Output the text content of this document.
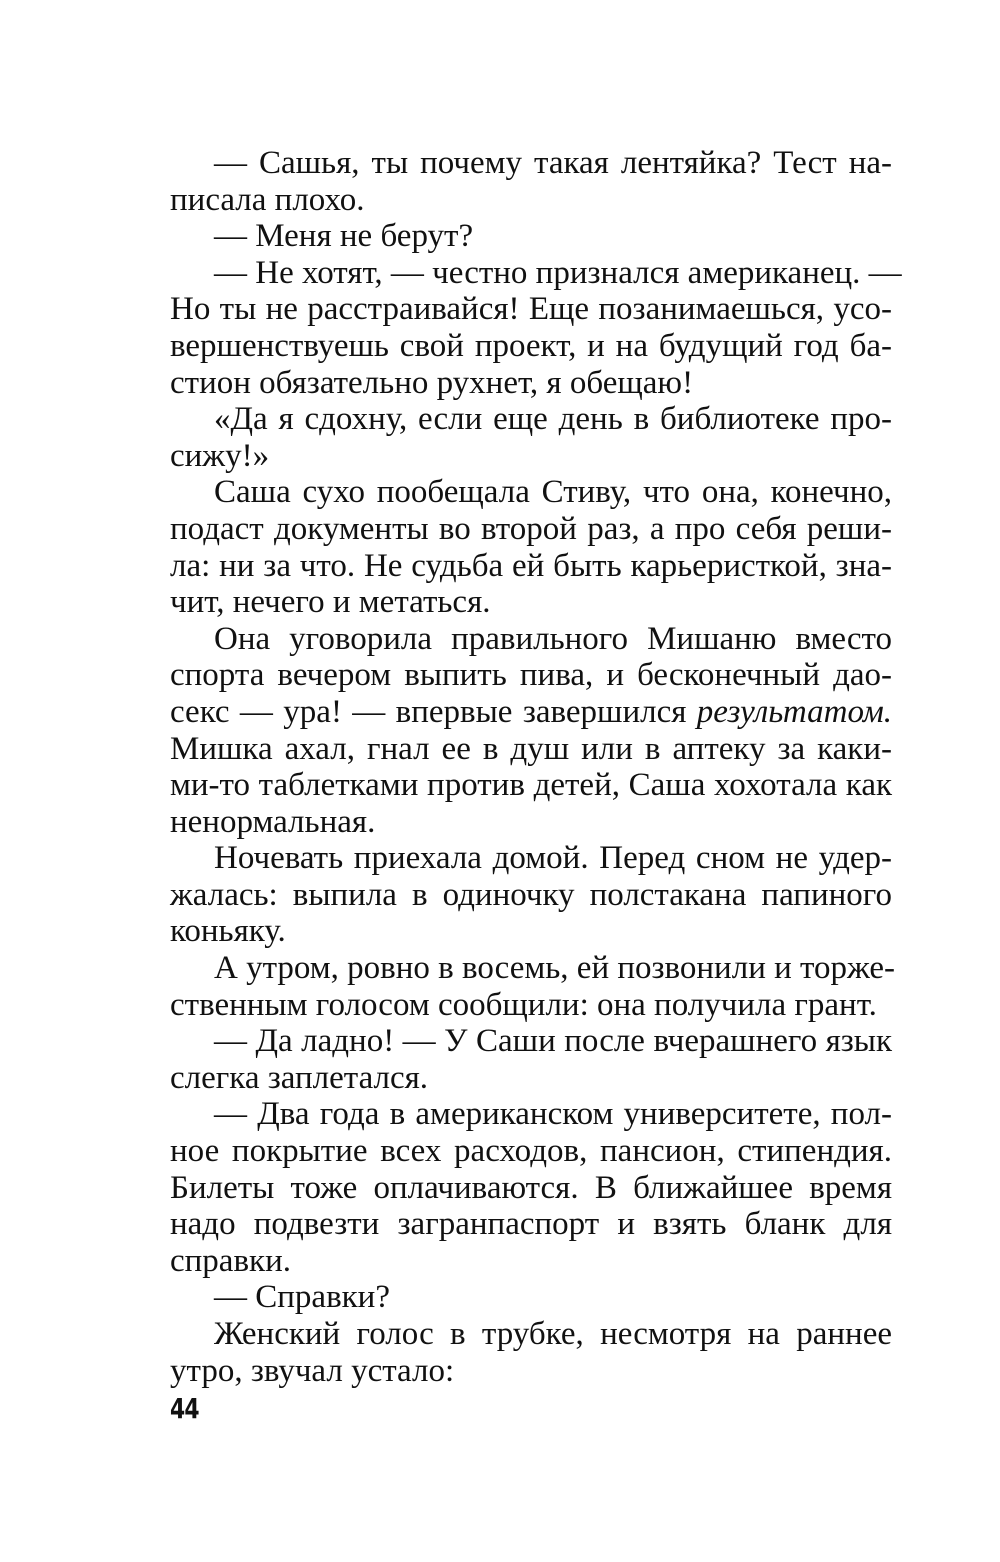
— Сашья, ты почему такая лентяйка? Тест на-
писала плохо.
— Меня не берут?
— Не хотят, — честно признался американец. —
Но ты не расстраивайся! Еще позанимаешься, усо-
вершенствуешь свой проект, и на будущий год ба-
стион обязательно рухнет, я обещаю!
«Да я сдохну, если еще день в библиотеке про-
сижу!»
Саша сухо пообещала Стиву, что она, конечно,
подаст документы во второй раз, а про себя реши-
ла: ни за что. Не судьба ей быть карьеристкой, зна-
чит, нечего и метаться.
Она уговорила правильного Мишаню вместо
спорта вечером выпить пива, и бесконечный дао-
секс — ура! — впервые завершился результатом.
Мишка ахал, гнал ее в душ или в аптеку за каки-
ми-то таблетками против детей, Саша хохотала как
ненормальная.
Ночевать приехала домой. Перед сном не удер-
жалась: выпила в одиночку полстакана папиного
коньяку.
А утром, ровно в восемь, ей позвонили и торже-
ственным голосом сообщили: она получила грант.
— Да ладно! — У Саши после вчерашнего язык
слегка заплетался.
— Два года в американском университете, пол-
ное покрытие всех расходов, пансион, стипендия.
Билеты тоже оплачиваются. В ближайшее время
надо подвезти загранпаспорт и взять бланк для
справки.
— Справки?
Женский голос в трубке, несмотря на раннее
утро, звучал устало:
44
